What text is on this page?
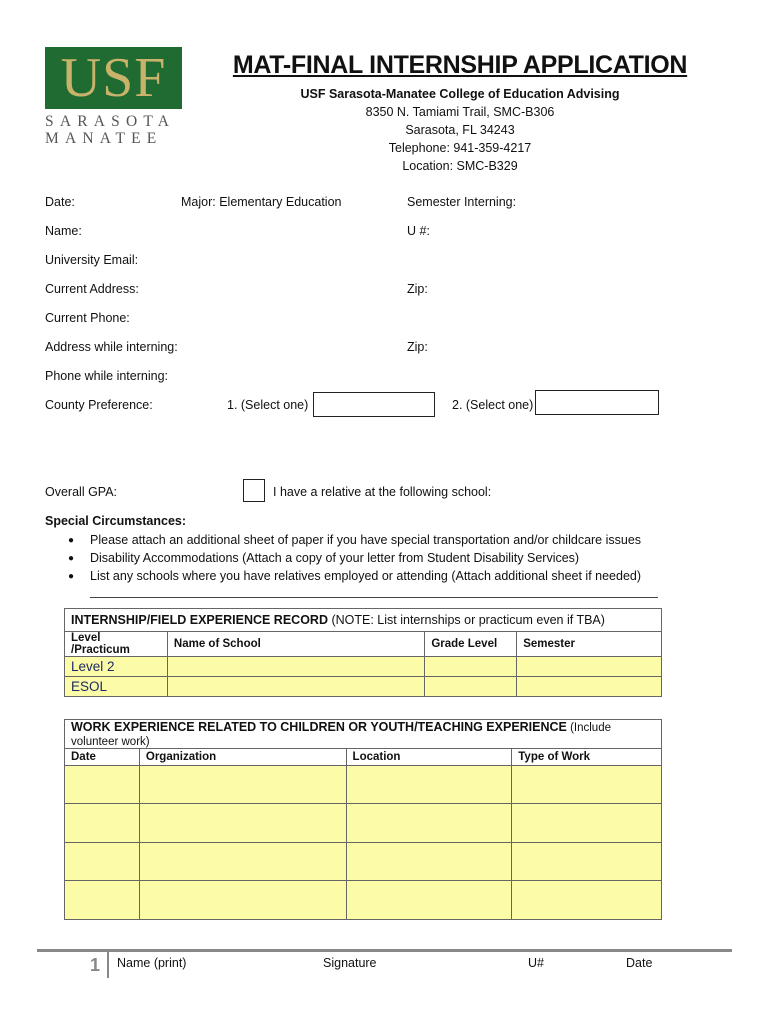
USF
SARASOTA
MANATEE
MAT-FINAL INTERNSHIP APPLICATION
USF Sarasota-Manatee College of Education Advising
8350 N. Tamiami Trail, SMC-B306
Sarasota, FL 34243
Telephone: 941-359-4217
Location: SMC-B329
Date:	Major: Elementary Education	Semester Interning:
Name:	U #:
University Email:
Current Address:	Zip:
Current Phone:
Address while interning:	Zip:
Phone while interning:
County Preference:	1. (Select one)	2. (Select one)
Overall GPA:	I have a relative at the following school:
Special Circumstances:
●	Please attach an additional sheet of paper if you have special transportation and/or childcare issues
●	Disability Accommodations (Attach a copy of your letter from Student Disability Services)
●	List any schools where you have relatives employed or attending (Attach additional sheet if needed)
INTERNSHIP/FIELD EXPERIENCE RECORD (NOTE: List internships or practicum even if TBA)			
Level /Practicum	Name of School	Grade Level	Semester
Level 2			
ESOL			
WORK EXPERIENCE RELATED TO CHILDREN OR YOUTH/TEACHING EXPERIENCE (Include volunteer work)			
Date	Organization	Location	Type of Work

1 Name (print)	Signature	U#	Date
